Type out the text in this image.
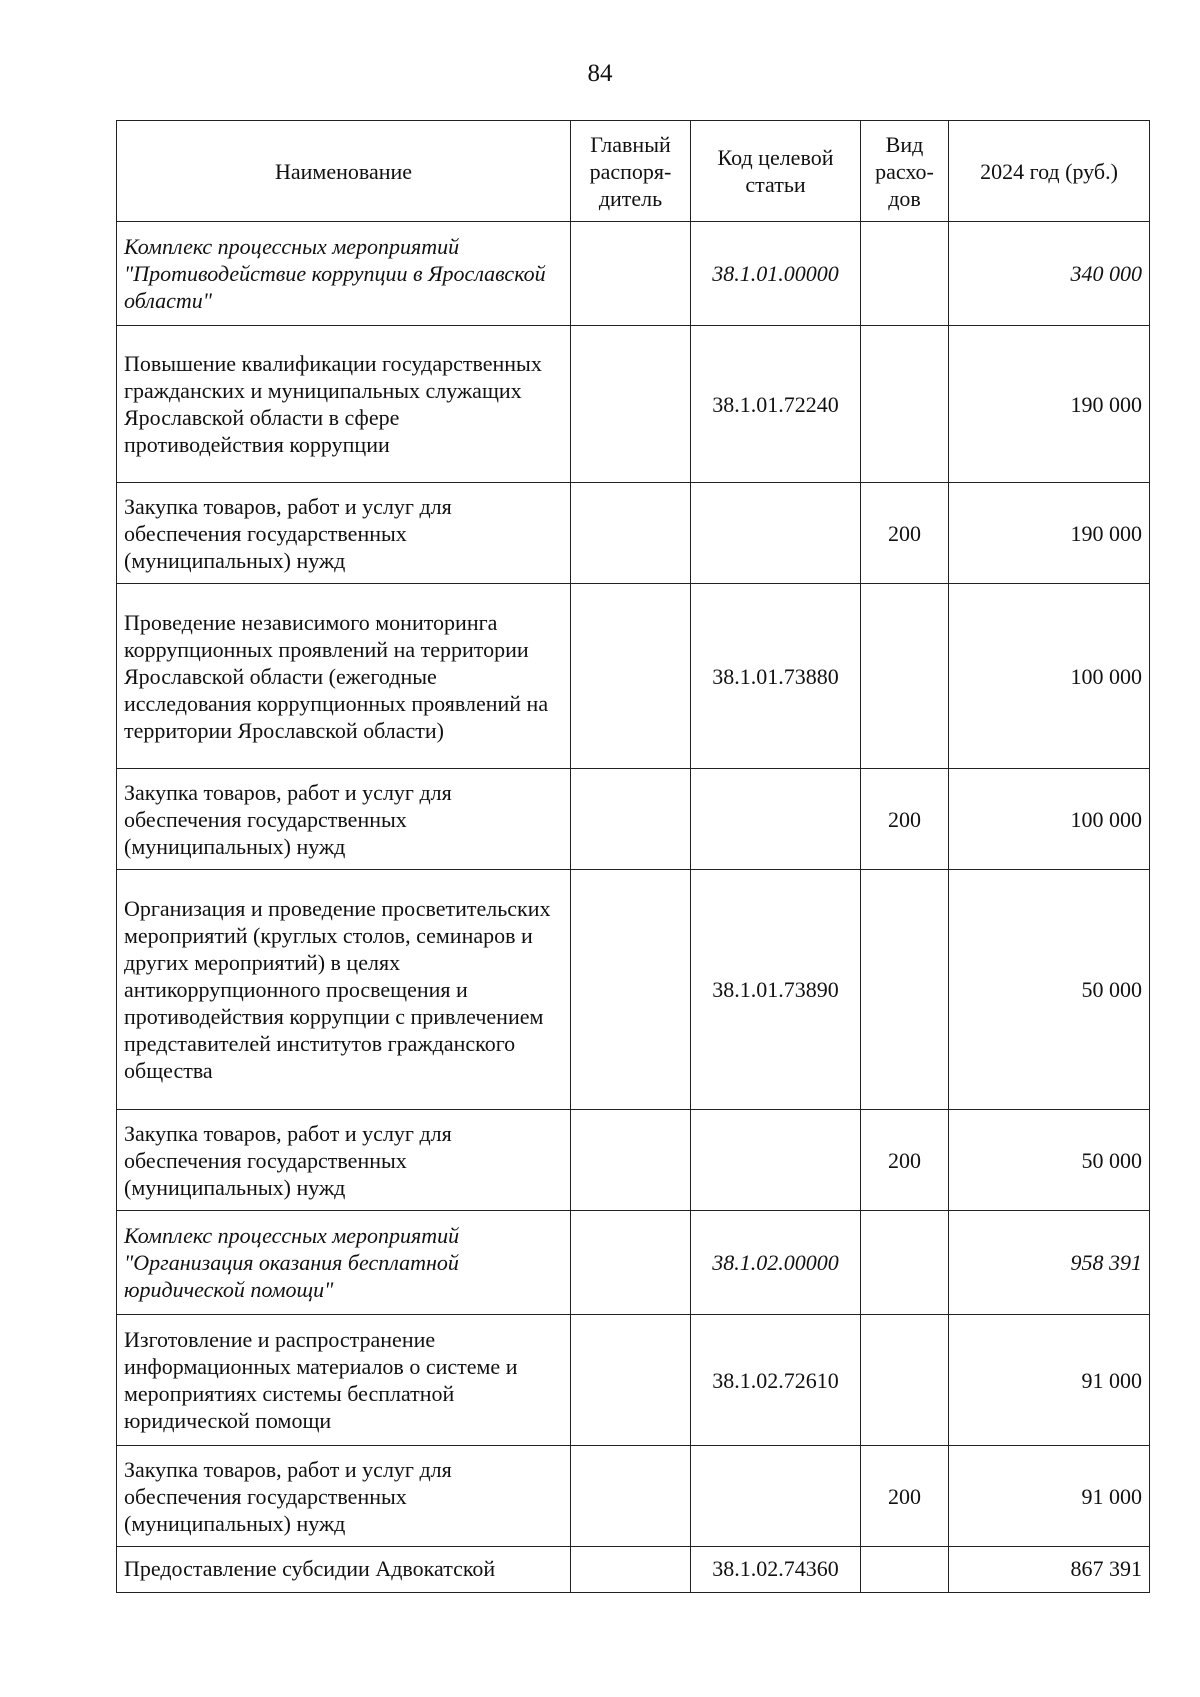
84
Наименование	Главный распоря-дитель	Код целевой статьи	Вид расхо-дов	2024 год (руб.)
Комплекс процессных мероприятий "Противодействие коррупции в Ярославской области"		38.1.01.00000		340 000
Повышение квалификации государственных гражданских и муниципальных служащих Ярославской области в сфере противодействия коррупции		38.1.01.72240		190 000
Закупка товаров, работ и услуг для обеспечения государственных (муниципальных) нужд			200	190 000
Проведение независимого мониторинга коррупционных проявлений на территории Ярославской области (ежегодные исследования коррупционных проявлений на территории Ярославской области)		38.1.01.73880		100 000
Закупка товаров, работ и услуг для обеспечения государственных (муниципальных) нужд			200	100 000
Организация и проведение просветительских мероприятий (круглых столов, семинаров и других мероприятий) в целях антикоррупционного просвещения и противодействия коррупции с привлечением представителей институтов гражданского общества		38.1.01.73890		50 000
Закупка товаров, работ и услуг для обеспечения государственных (муниципальных) нужд			200	50 000
Комплекс процессных мероприятий "Организация оказания бесплатной юридической помощи"		38.1.02.00000		958 391
Изготовление и распространение информационных материалов о системе и мероприятиях системы бесплатной юридической помощи		38.1.02.72610		91 000
Закупка товаров, работ и услуг для обеспечения государственных (муниципальных) нужд			200	91 000
Предоставление субсидии Адвокатской		38.1.02.74360		867 391
